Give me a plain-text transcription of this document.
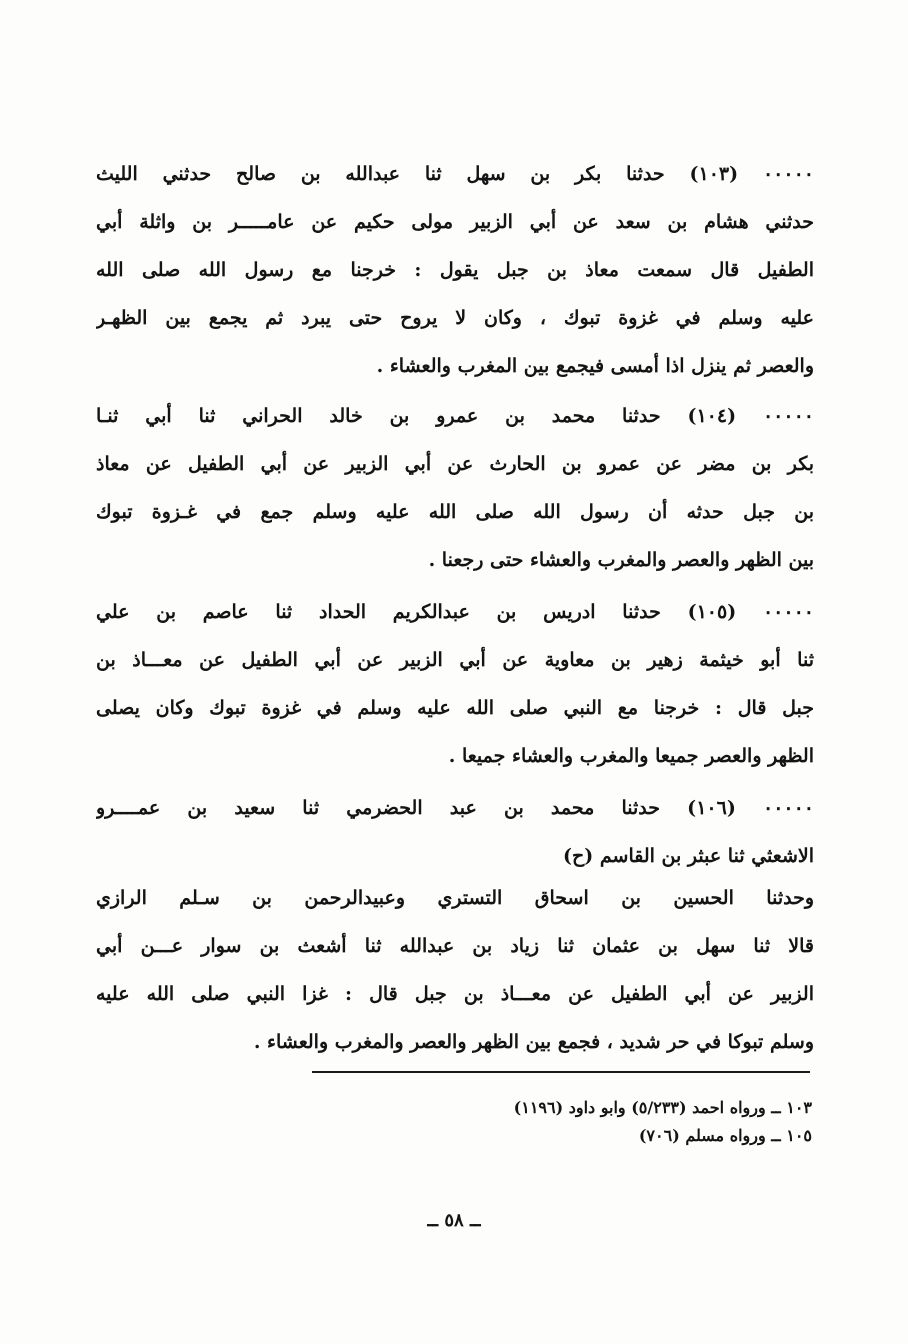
٠٠٠٠٠ (١٠٣) حدثنا بكر بن سهل ثنا عبدالله بن صالح حدثني الليث
حدثني هشام بن سعد عن أبي الزبير مولى حكيم عن عامـــــر بن واثلة أبي
الطفيل قال سمعت معاذ بن جبل يقول : خرجنا مع رسول الله صلى الله
عليه وسلم في غزوة تبوك ، وكان لا يروح حتى يبرد ثم يجمع بين الظهـر
والعصر ثم ينزل اذا أمسى فيجمع بين المغرب والعشاء .
٠٠٠٠٠ (١٠٤) حدثنا محمد بن عمرو بن خالد الحراني ثنا أبي ثنـا
بكر بن مضر عن عمرو بن الحارث عن أبي الزبير عن أبي الطفيل عن معاذ
بن جبل حدثه أن رسول الله صلى الله عليه وسلم جمع في غـزوة تبوك
بين الظهر والعصر والمغرب والعشاء حتى رجعنا .
٠٠٠٠٠ (١٠٥) حدثنا ادريس بن عبدالكريم الحداد ثنا عاصم بن علي
ثنا أبو خيثمة زهير بن معاوية عن أبي الزبير عن أبي الطفيل عن معـــاذ بن
جبل قال : خرجنا مع النبي صلى الله عليه وسلم في غزوة تبوك وكان يصلى
الظهر والعصر جميعا والمغرب والعشاء جميعا .
٠٠٠٠٠ (١٠٦) حدثنا محمد بن عبد الحضرمي ثنا سعيد بن عمــــرو
الاشعثي ثنا عبثر بن القاسم (ح)
وحدثنا الحسين بن اسحاق التستري وعبيدالرحمن بن سـلم الرازي
قالا ثنا سهل بن عثمان ثنا زياد بن عبدالله ثنا أشعث بن سوار عـــن أبي
الزبير عن أبي الطفيل عن معـــاذ بن جبل قال : غزا النبي صلى الله عليه
وسلم تبوكا في حر شديد ، فجمع بين الظهر والعصر والمغرب والعشاء .
١٠٣ ــ ورواه احمد (٥/٢٣٣) وابو داود (١١٩٦)
١٠٥ ــ ورواه مسلم (٧٠٦)
ــ ٥٨ ــ
